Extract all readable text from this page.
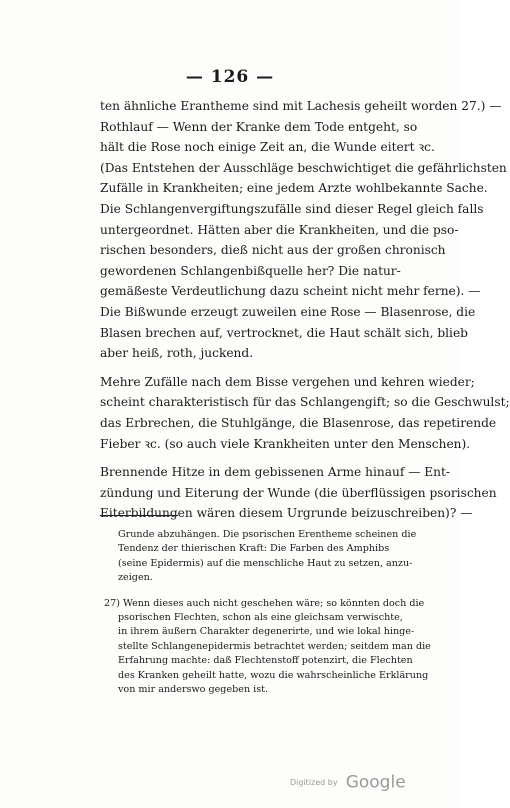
— 126 —

ten ähnliche Erantheme sind mit Lachesis geheilt worden 27.) —
Rothlauf — Wenn der Kranke dem Tode entgeht, so
hält die Rose noch einige Zeit an, die Wunde eitert ꝛc.
(Das Entstehen der Ausschläge beschwichtiget die gefährlichsten
Zufälle in Krankheiten; eine jedem Arzte wohlbekannte Sache.
Die Schlangenvergiftungszufälle sind dieser Regel gleich falls
untergeordnet. Hätten aber die Krankheiten, und die pso-
rischen besonders, dieß nicht aus der großen chronisch
gewordenen Schlangenbißquelle her? Die natur-
gemäßeste Verdeutlichung dazu scheint nicht mehr ferne). —
Die Bißwunde erzeugt zuweilen eine Rose — Blasenrose, die
Blasen brechen auf, vertrocknet, die Haut schält sich, blieb
aber heiß, roth, juckend.

Mehre Zufälle nach dem Bisse vergehen und kehren wieder;
scheint charakteristisch für das Schlangengift; so die Geschwulst;
das Erbrechen, die Stuhlgänge, die Blasenrose, das repetirende
Fieber ꝛc. (so auch viele Krankheiten unter den Menschen).

Brennende Hitze in dem gebissenen Arme hinauf — Ent-
zündung und Eiterung der Wunde (die überflüssigen psorischen
Eiterbildungen wären diesem Urgrunde beizuschreiben)? —

Grunde abzuhängen. Die psorischen Erentheme scheinen die
Tendenz der thierischen Kraft: Die Farben des Amphibs
(seine Epidermis) auf die menschliche Haut zu setzen, anzu-
zeigen.
27) Wenn dieses auch nicht geschehen wäre; so könnten doch die
psorischen Flechten, schon als eine gleichsam verwischte,
in ihrem äußern Charakter degenerirte, und wie lokal hinge-
stellte Schlangenepidermis betrachtet werden; seitdem man die
Erfahrung machte: daß Flechtenstoff potenzirt, die Flechten
des Kranken geheilt hatte, wozu die wahrscheinliche Erklärung
von mir anderswo gegeben ist.
Digitized by Google
